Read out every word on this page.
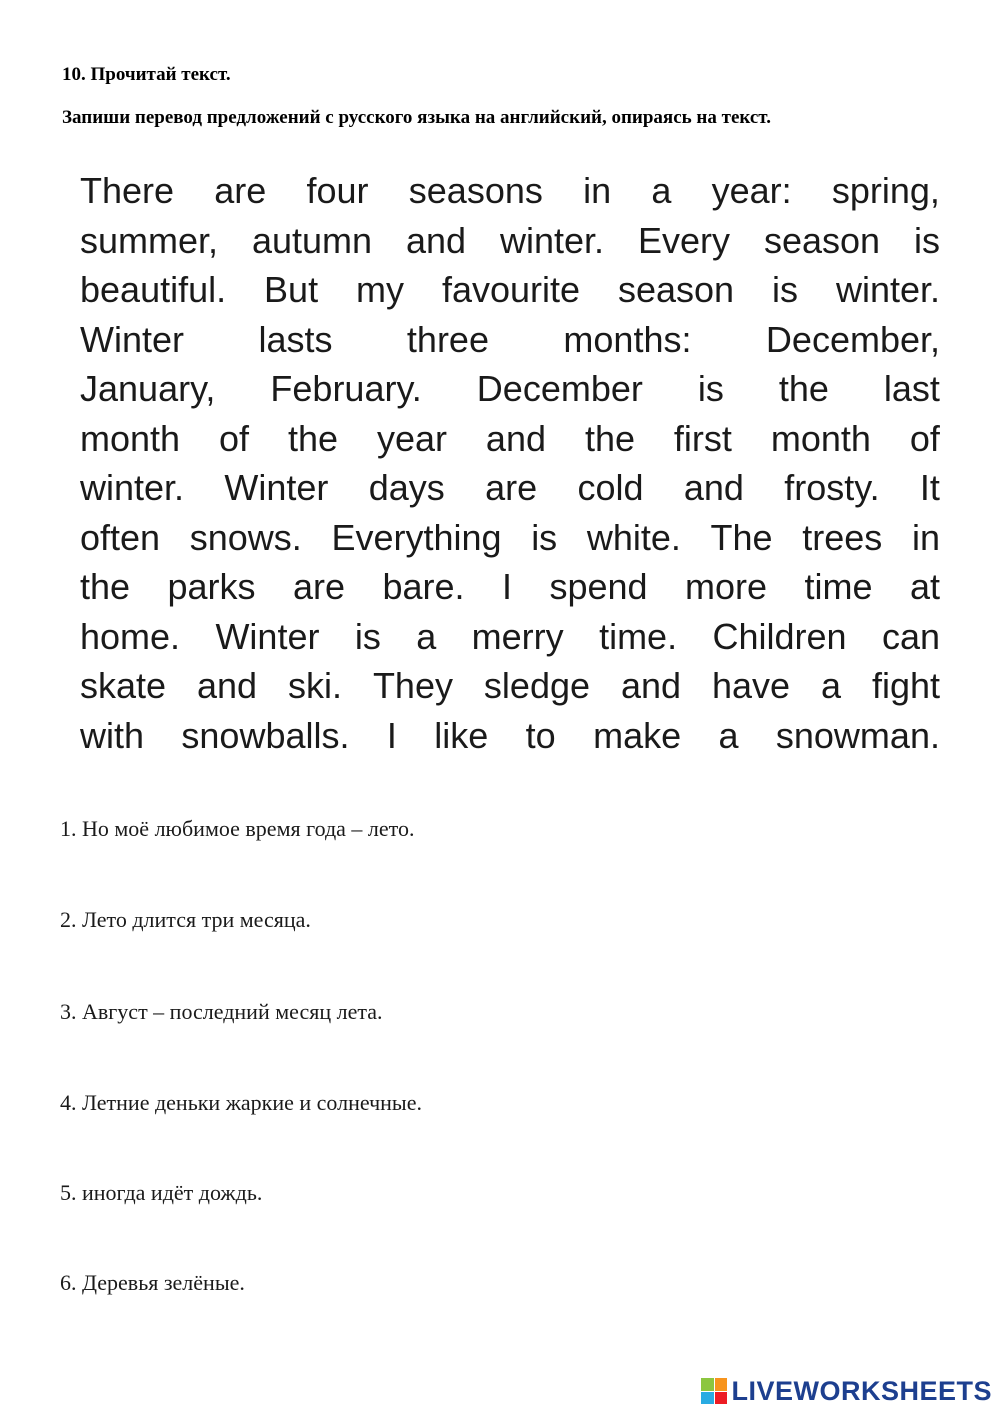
10. Прочитай текст.

Запиши перевод предложений с русского языка на английский, опираясь на текст.

There are four seasons in a year: spring,
summer, autumn and winter. Every season is
beautiful. But my favourite season is winter.
Winter lasts three months: December,
January, February. December is the last
month of the year and the first month of
winter. Winter days are cold and frosty. It
often snows. Everything is white. The trees in
the parks are bare. I spend more time at
home. Winter is a merry time. Children can
skate and ski. They sledge and have a fight
with snowballs. I like to make a snowman.

1. Но моё любимое время года – лето.

2. Лето длится три месяца.

3. Август – последний месяц лета.

4. Летние деньки жаркие и солнечные.

5. иногда идёт дождь.

6. Деревья зелёные.

LIVEWORKSHEETS
